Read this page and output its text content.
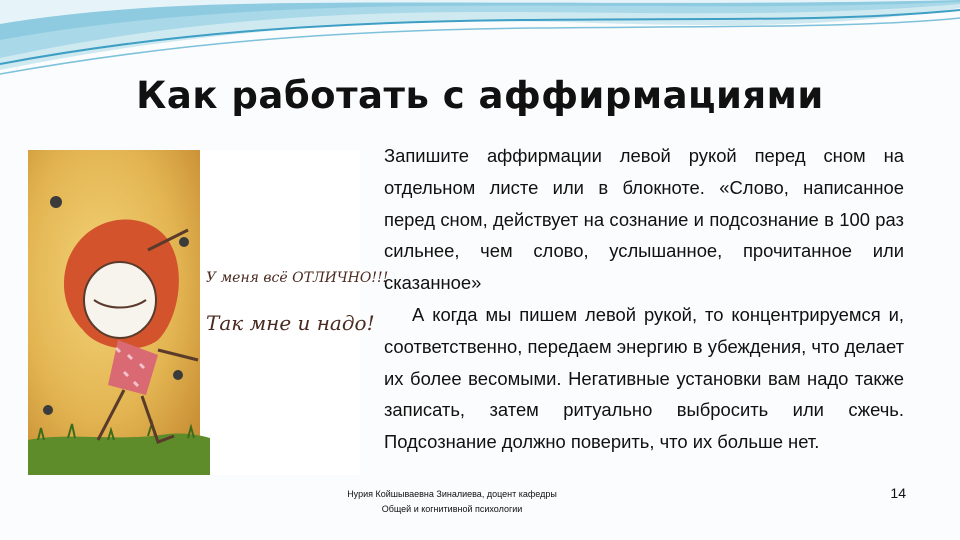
Как работать с аффирмациями
У меня всё ОТЛИЧНО!!!
Так мне и надо!

Запишите аффирмации левой рукой перед сном на отдельном листе или в блокноте. «Слово, написанное перед сном, действует на сознание и подсознание в 100 раз сильнее, чем слово, услышанное, прочитанное или сказанное»

А когда мы пишем левой рукой, то концентрируемся и, соответственно, передаем энергию в убеждения, что делает их более весомыми. Негативные установки вам надо также записать, затем ритуально выбросить или сжечь. Подсознание должно поверить, что их больше нет.

Нурия Койшываевна Зиналиева, доцент кафедры
Общей и когнитивной психологии
14
